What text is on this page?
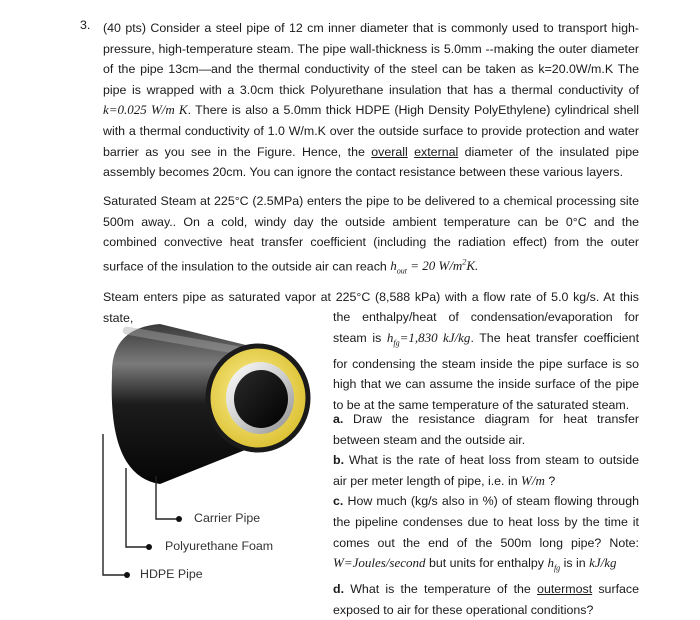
3. (40 pts) Consider a steel pipe of 12 cm inner diameter that is commonly used to transport high-pressure, high-temperature steam. The pipe wall-thickness is 5.0mm --making the outer diameter of the pipe 13cm—and the thermal conductivity of the steel can be taken as k=20.0W/m.K The pipe is wrapped with a 3.0cm thick Polyurethane insulation that has a thermal conductivity of k=0.025 W/m K. There is also a 5.0mm thick HDPE (High Density PolyEthylene) cylindrical shell with a thermal conductivity of 1.0 W/m.K over the outside surface to provide protection and water barrier as you see in the Figure. Hence, the overall external diameter of the insulated pipe assembly becomes 20cm. You can ignore the contact resistance between these various layers.

Saturated Steam at 225°C (2.5MPa) enters the pipe to be delivered to a chemical processing site 500m away.. On a cold, windy day the outside ambient temperature can be 0°C and the combined convective heat transfer coefficient (including the radiation effect) from the outer surface of the insulation to the outside air can reach $h_{out} = 20$ $W/m^2K$.

Steam enters pipe as saturated vapor at 225°C (8,588 kPa) with a flow rate of 5.0 kg/s. At this state,	the enthalpy/heat of condensation/evaporation for steam is $h_{fg}=1,830$ kJ/kg. The heat transfer coefficient for condensing the steam inside the pipe surface is so high that we can assume the inside surface of the pipe to be at the same temperature of the saturated steam.

a. Draw the resistance diagram for heat transfer between steam and the outside air.

b. What is the rate of heat loss from steam to outside air per meter length of pipe, i.e. in W/m ?

c. How much (kg/s also in %) of steam flowing through the pipeline condenses due to heat loss by the time it comes out the end of the 500m long pipe? Note: W=Joules/second but units for enthalpy $h_{fg}$ is in kJ/kg

d. What is the temperature of the outermost surface exposed to air for these operational conditions?

Carrier Pipe
Polyurethane Foam
HDPE Pipe
